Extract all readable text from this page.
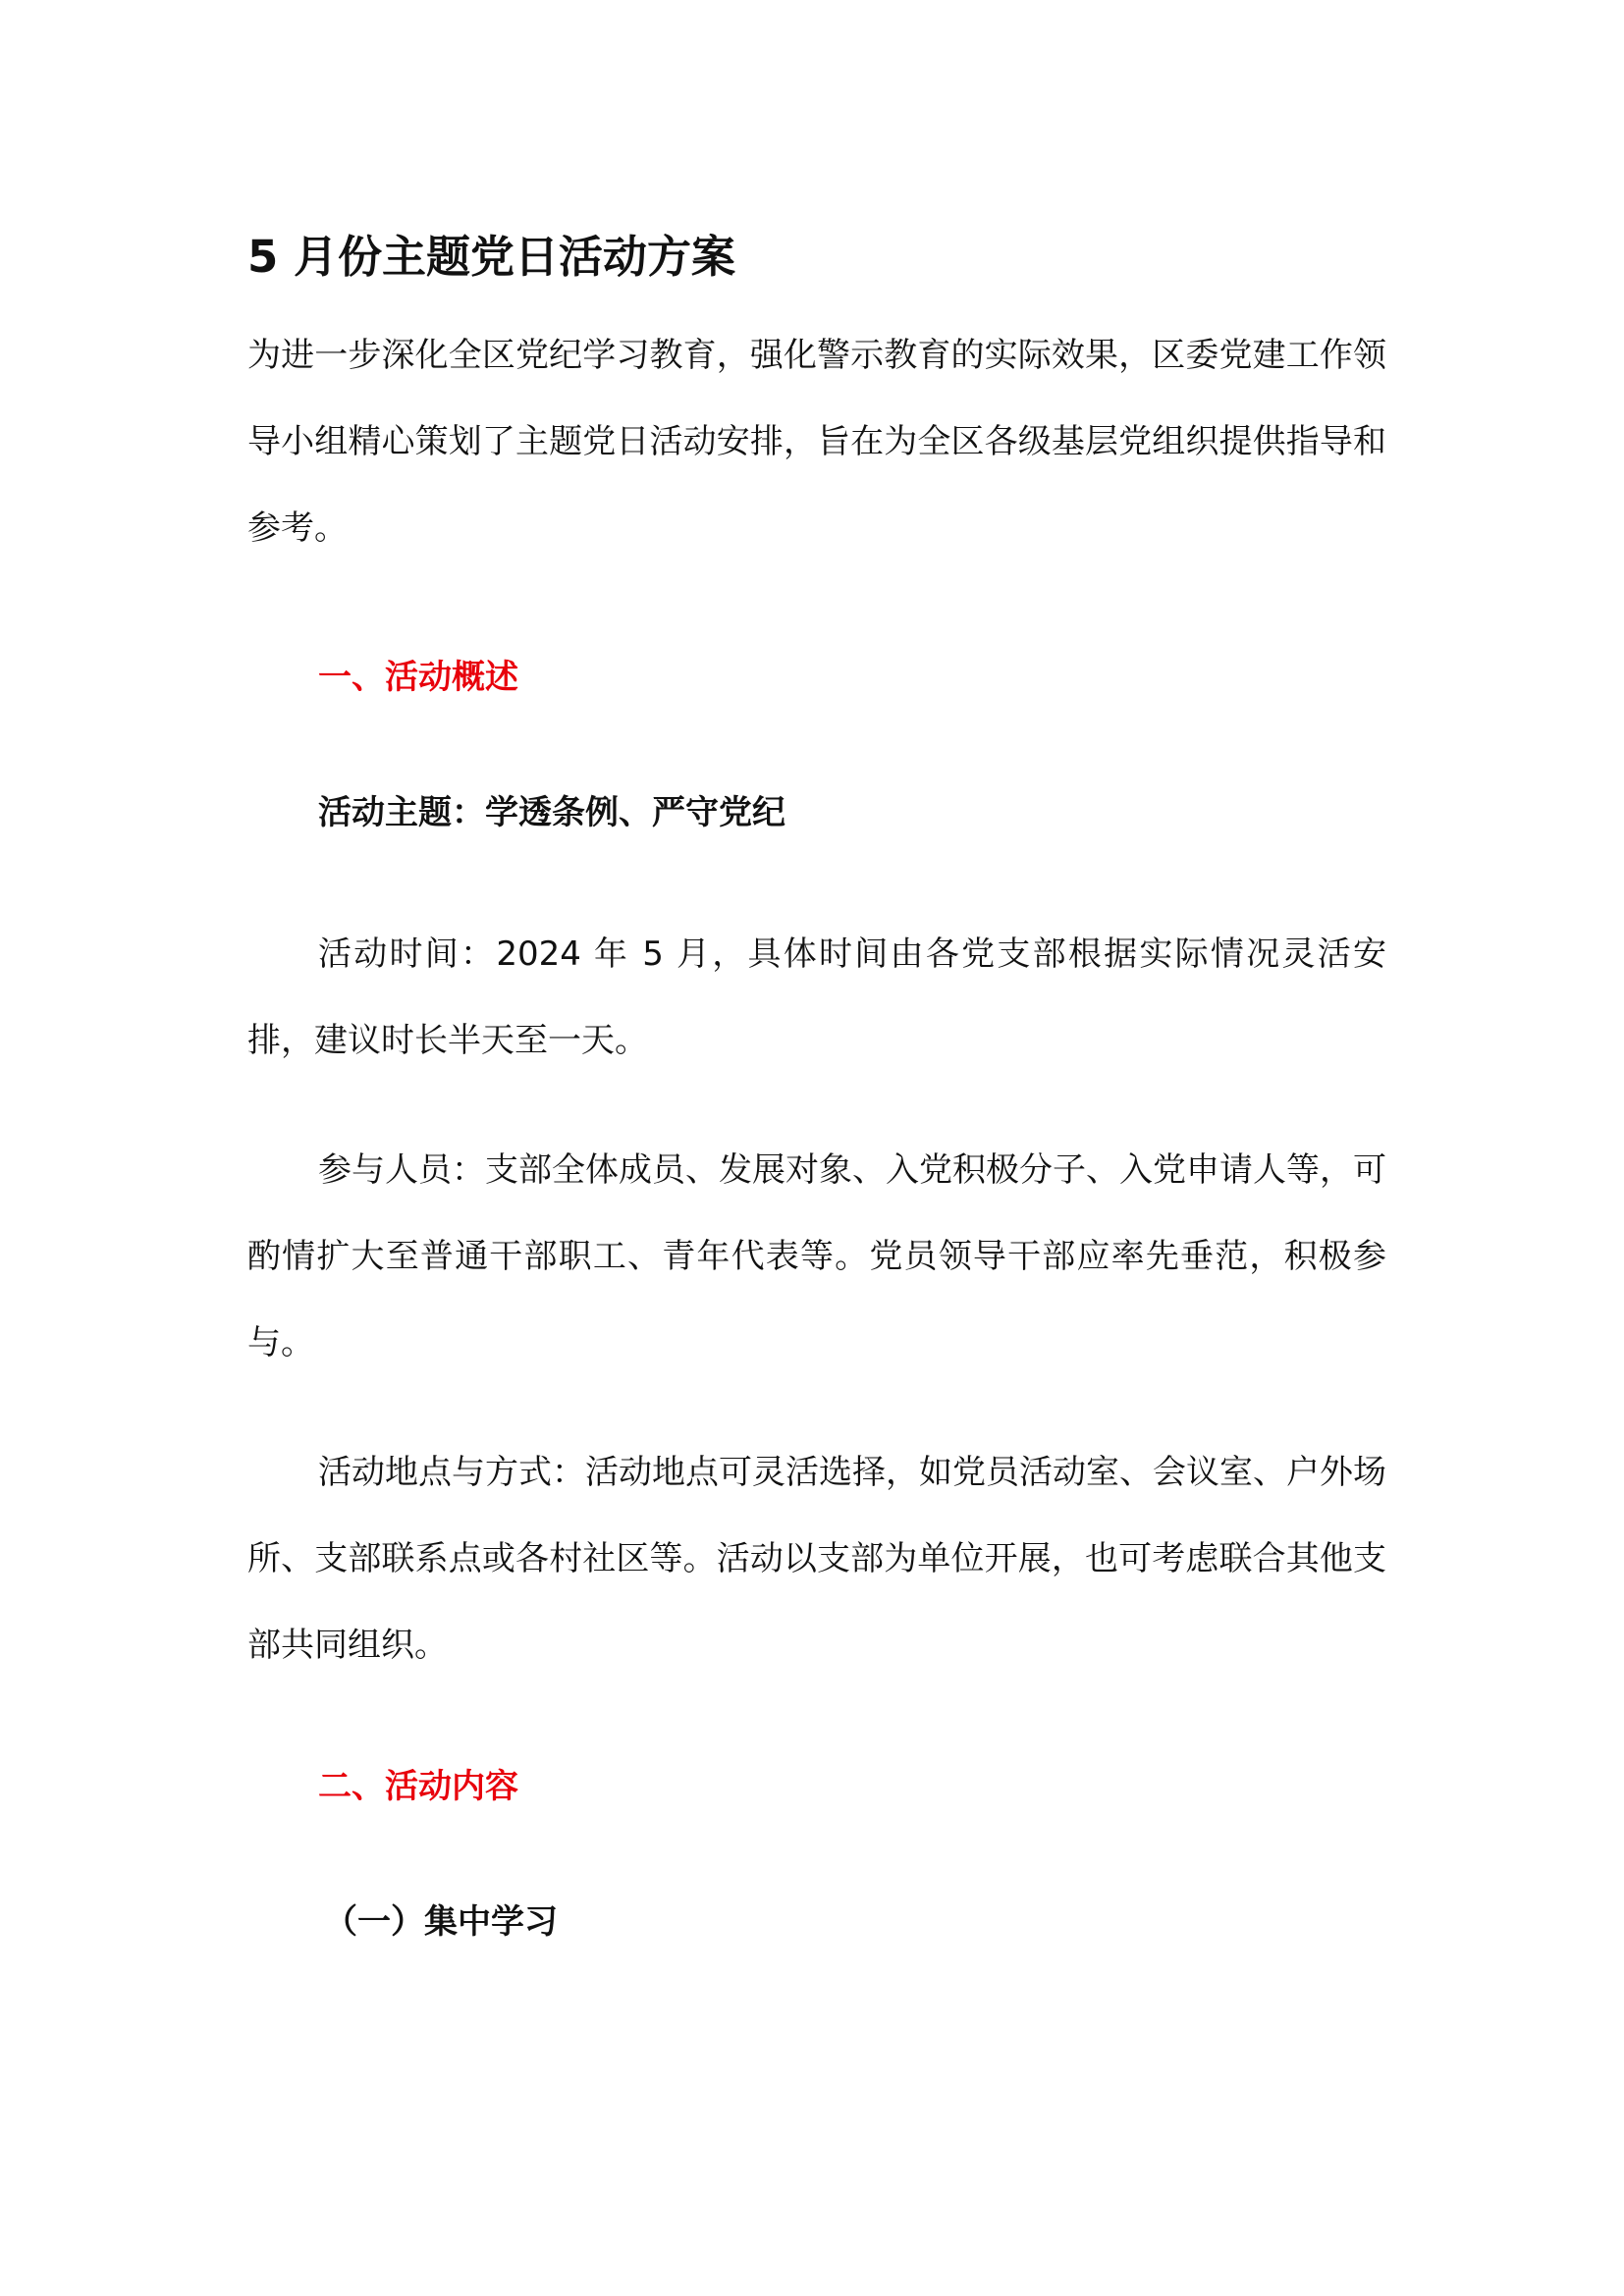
5 月份主题党日活动方案

为进一步深化全区党纪学习教育，强化警示教育的实际效果，区委党建工作领导小组精心策划了主题党日活动安排，旨在为全区各级基层党组织提供指导和参考。

一、活动概述
活动主题：学透条例、严守党纪

活动时间：2024 年 5 月，具体时间由各党支部根据实际情况灵活安排，建议时长半天至一天。

参与人员：支部全体成员、发展对象、入党积极分子、入党申请人等，可酌情扩大至普通干部职工、青年代表等。党员领导干部应率先垂范，积极参与。

活动地点与方式：活动地点可灵活选择，如党员活动室、会议室、户外场所、支部联系点或各村社区等。活动以支部为单位开展，也可考虑联合其他支部共同组织。

二、活动内容
（一）集中学习
